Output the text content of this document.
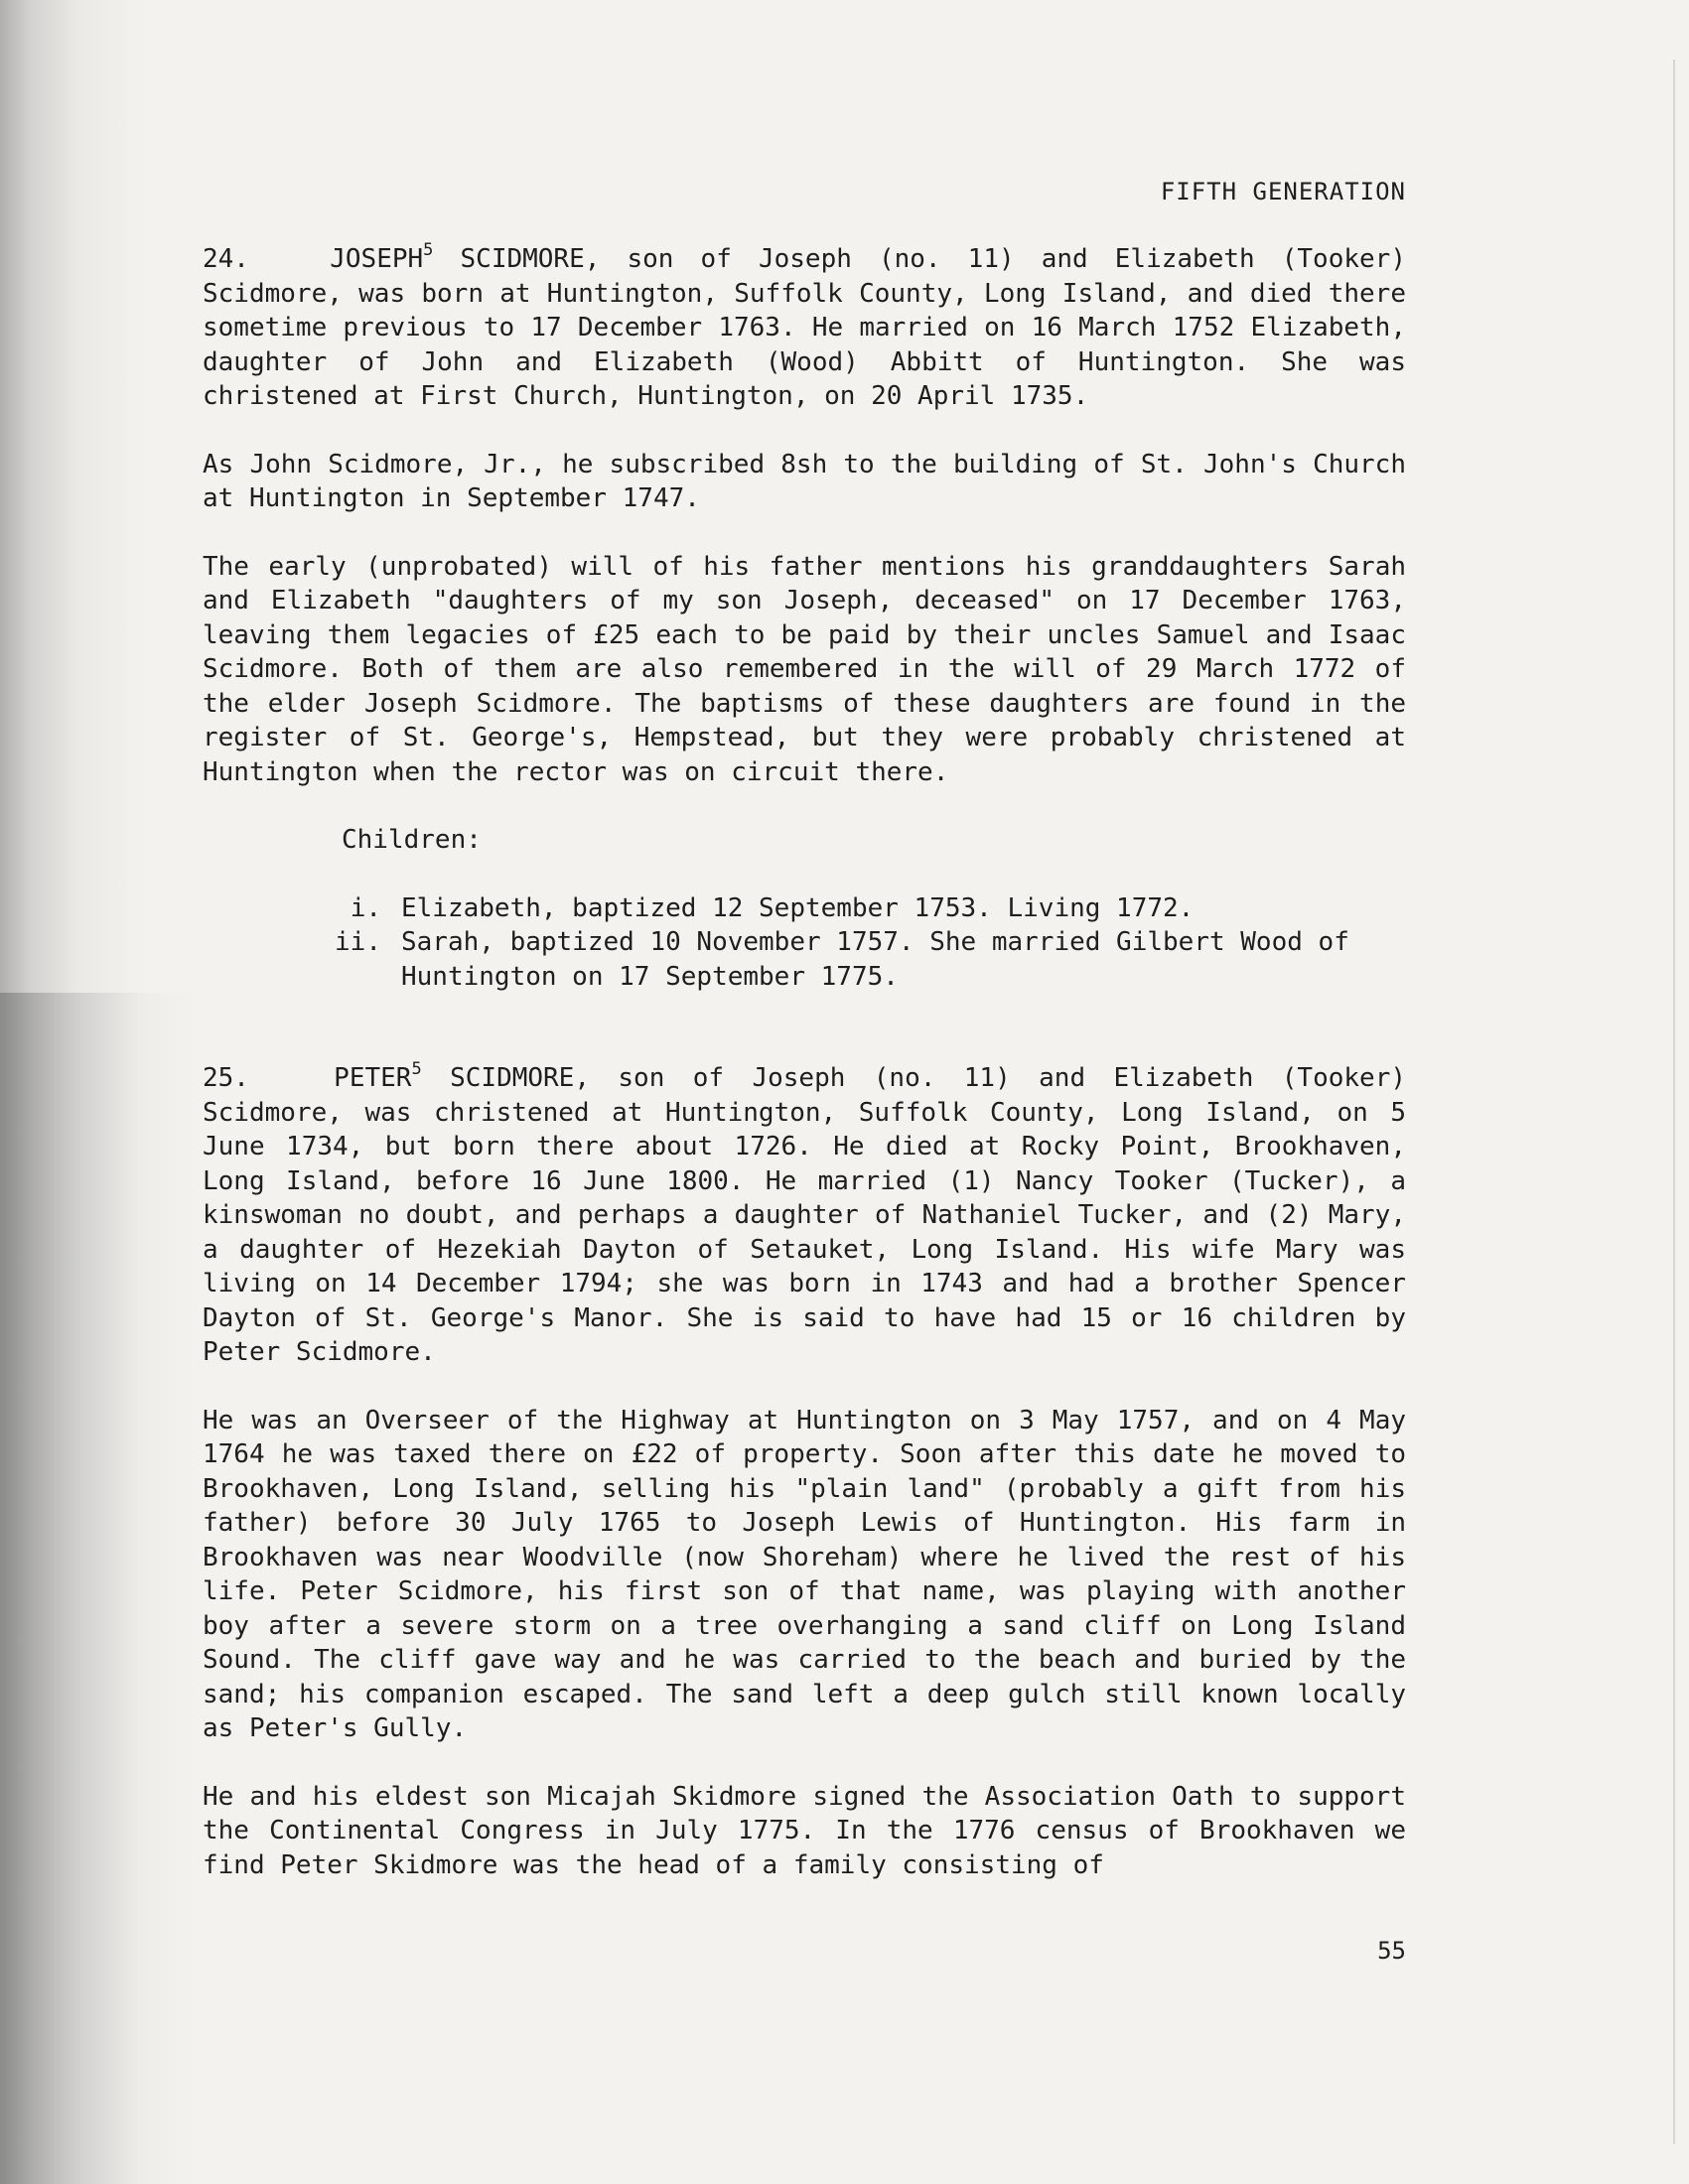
FIFTH GENERATION

24.	JOSEPH$^5$ SCIDMORE, son of Joseph (no. 11) and Elizabeth (Tooker) Scidmore, was born at Huntington, Suffolk County, Long Island, and died there sometime previous to 17 December 1763. He married on 16 March 1752 Elizabeth, daughter of John and Elizabeth (Wood) Abbitt of Huntington. She was christened at First Church, Huntington, on 20 April 1735.

As John Scidmore, Jr., he subscribed 8sh to the building of St. John's Church at Huntington in September 1747.

The early (unprobated) will of his father mentions his granddaughters Sarah and Elizabeth "daughters of my son Joseph, deceased" on 17 December 1763, leaving them legacies of £25 each to be paid by their uncles Samuel and Isaac Scidmore. Both of them are also remembered in the will of 29 March 1772 of the elder Joseph Scidmore. The baptisms of these daughters are found in the register of St. George's, Hempstead, but they were probably christened at Huntington when the rector was on circuit there.

Children:
i. Elizabeth, baptized 12 September 1753. Living 1772.
ii. Sarah, baptized 10 November 1757. She married Gilbert Wood of Huntington on 17 September 1775.

25.	PETER$^5$ SCIDMORE, son of Joseph (no. 11) and Elizabeth (Tooker) Scidmore, was christened at Huntington, Suffolk County, Long Island, on 5 June 1734, but born there about 1726. He died at Rocky Point, Brookhaven, Long Island, before 16 June 1800. He married (1) Nancy Tooker (Tucker), a kinswoman no doubt, and perhaps a daughter of Nathaniel Tucker, and (2) Mary, a daughter of Hezekiah Dayton of Setauket, Long Island. His wife Mary was living on 14 December 1794; she was born in 1743 and had a brother Spencer Dayton of St. George's Manor. She is said to have had 15 or 16 children by Peter Scidmore.

He was an Overseer of the Highway at Huntington on 3 May 1757, and on 4 May 1764 he was taxed there on £22 of property. Soon after this date he moved to Brookhaven, Long Island, selling his "plain land" (probably a gift from his father) before 30 July 1765 to Joseph Lewis of Huntington. His farm in Brookhaven was near Woodville (now Shoreham) where he lived the rest of his life. Peter Scidmore, his first son of that name, was playing with another boy after a severe storm on a tree overhanging a sand cliff on Long Island Sound. The cliff gave way and he was carried to the beach and buried by the sand; his companion escaped. The sand left a deep gulch still known locally as Peter's Gully.

He and his eldest son Micajah Skidmore signed the Association Oath to support the Continental Congress in July 1775. In the 1776 census of Brookhaven we find Peter Skidmore was the head of a family consisting of

55
